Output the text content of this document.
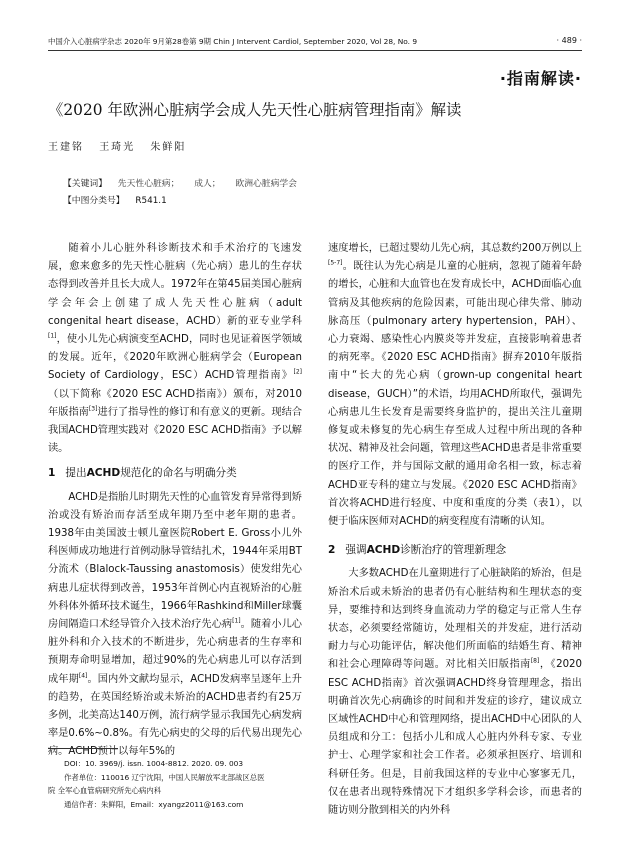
中国介入心脏病学杂志 2020年 9月第28卷第 9期 Chin J Intervent Cardiol, September 2020, Vol 28, No. 9	· 489 ·
·指南解读·
《2020 年欧洲心脏病学会成人先天性心脏病管理指南》解读
王建铭 王琦光 朱鲜阳
【关键词】 先天性心脏病； 成人； 欧洲心脏病学会
【中图分类号】 R541.1

随着小儿心脏外科诊断技术和手术治疗的飞速发展，愈来愈多的先天性心脏病（先心病）患儿的生存状态得到改善并且长大成人。1972年在第45届美国心脏病学会年会上创建了成人先天性心脏病（adult congenital heart disease，ACHD）新的亚专业学科[1]，使小儿先心病演变至ACHD，同时也见证着医学领域的发展。近年，《2020年欧洲心脏病学会（European Society of Cardiology，ESC）ACHD管理指南》[2]（以下简称《2020 ESC ACHD指南》）颁布，对2010年版指南[3]进行了指导性的修订和有意义的更新。现结合我国ACHD管理实践对《2020 ESC ACHD指南》予以解读。

1 提出ACHD规范化的命名与明确分类

ACHD是指胎儿时期先天性的心血管发育异常得到矫治或没有矫治而存活至成年期乃至中老年期的患者。1938年由美国波士顿儿童医院Robert E. Gross小儿外科医师成功地进行首例动脉导管结扎术，1944年采用BT分流术（Blalock-Taussing anastomosis）使发绀先心病患儿症状得到改善，1953年首例心内直视矫治的心脏外科体外循环技术诞生，1966年Rashkind和Miller球囊房间隔造口术经导管介入技术治疗先心病[1]。随着小儿心脏外科和介入技术的不断进步，先心病患者的生存率和预期寿命明显增加，超过90%的先心病患儿可以存活到成年期[4]。国内外文献均显示，ACHD发病率呈逐年上升的趋势，在英国经矫治或未矫治的ACHD患者约有25万多例，北美高达140万例，流行病学显示我国先心病发病率是0.6%~0.8%。有先心病史的父母的后代易出现先心病。ACHD预计以每年5%的

速度增长，已超过婴幼儿先心病，其总数约200万例以上[5-7]。既往认为先心病是儿童的心脏病，忽视了随着年龄的增长，心脏和大血管也在发育成长中，ACHD面临心血管病及其他疾病的危险因素，可能出现心律失常、肺动脉高压（pulmonary artery hypertension，PAH）、心力衰竭、感染性心内膜炎等并发症，直接影响着患者的病死率。《2020 ESC ACHD指南》摒弃2010年版指南中“长大的先心病（grown-up congenital heart disease，GUCH）”的术语，均用ACHD所取代，强调先心病患儿生长发育是需要终身监护的，提出关注儿童期修复或未修复的先心病生存至成人过程中所出现的各种状况、精神及社会问题，管理这些ACHD患者是非常重要的医疗工作，并与国际文献的通用命名相一致，标志着ACHD亚专科的建立与发展。《2020 ESC ACHD指南》首次将ACHD进行轻度、中度和重度的分类（表1），以便于临床医师对ACHD的病变程度有清晰的认知。

2 强调ACHD诊断治疗的管理新理念

大多数ACHD在儿童期进行了心脏缺陷的矫治，但是矫治术后或未矫治的患者仍有心脏结构和生理状态的变异，要维持和达到终身血流动力学的稳定与正常人生存状态，必须要经常随访，处理相关的并发症，进行活动耐力与心功能评估，解决他们所面临的结婚生育、精神和社会心理障碍等问题。对比相关旧版指南[8]，《2020 ESC ACHD指南》首次强调ACHD终身管理理念，指出明确首次先心病确诊的时间和并发症的诊疗，建议成立区域性ACHD中心和管理网络，提出ACHD中心团队的人员组成和分工：包括小儿和成人心脏内外科专家、专业护士、心理学家和社会工作者。必须承担医疗、培训和科研任务。但是，目前我国这样的专业中心寥寥无几，仅在患者出现特殊情况下才组织多学科会诊，而患者的随访则分散到相关的内外科

DOI：10. 3969/j. issn. 1004-8812. 2020. 09. 003
作者单位：110016 辽宁沈阳，中国人民解放军北部战区总医
院 全军心血管病研究所先心病内科
通信作者：朱鲜阳，Email：xyangz2011@163.com
